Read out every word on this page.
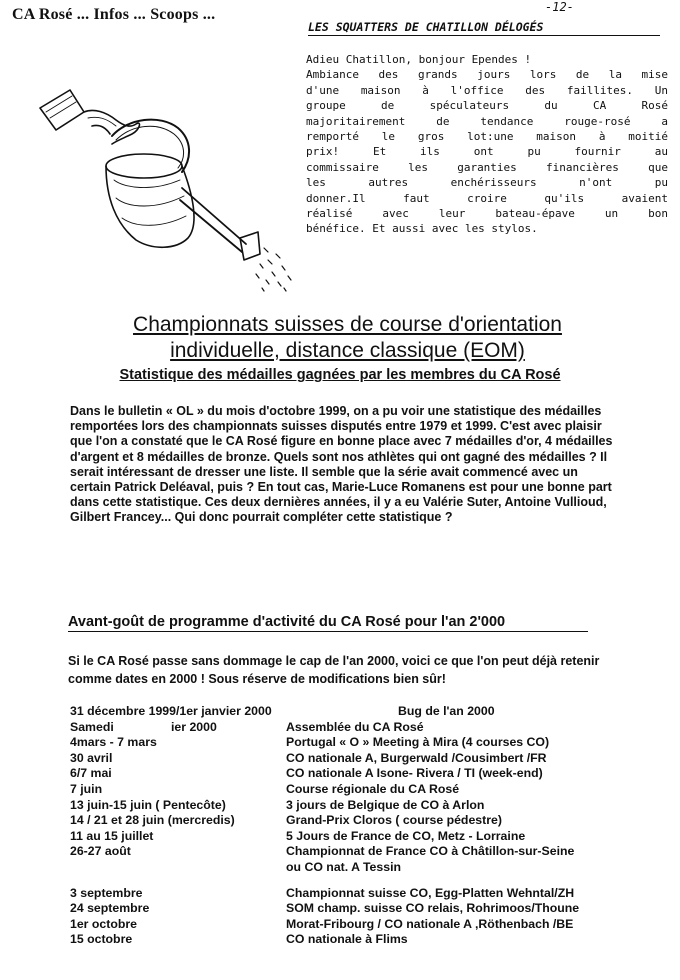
CA Rosé ... Infos ... Scoops ...	-12-
LES SQUATTERS DE CHATILLON DÉLOGÉS
Adieu Chatillon, bonjour Ependes !
Ambiance des grands jours lors de la mise
d'une maison à l'office des faillites. Un
groupe de spéculateurs du CA Rosé
majoritairement de tendance rouge-rosé a
remporté le gros lot:une maison à moitié
prix! Et ils ont pu fournir au
commissaire les garanties financières que
les autres enchérisseurs n'ont pu
donner.Il faut croire qu'ils avaient
réalisé avec leur bateau-épave un bon
bénéfice. Et aussi avec les stylos.
Championnats suisses de course d'orientation
individuelle, distance classique (EOM)
Statistique des médailles gagnées par les membres du CA Rosé
Dans le bulletin « OL » du mois d'octobre 1999, on a pu voir une statistique des médailles remportées lors des championnats suisses disputés entre 1979 et 1999. C'est avec plaisir que l'on a constaté que le CA Rosé figure en bonne place avec 7 médailles d'or, 4 médailles d'argent et 8 médailles de bronze. Quels sont nos athlètes qui ont gagné des médailles ? Il serait intéressant de dresser une liste. Il semble que la série avait commencé avec un certain Patrick Deléaval, puis ? En tout cas, Marie-Luce Romanens est pour une bonne part dans cette statistique. Ces deux dernières années, il y a eu Valérie Suter, Antoine Vullioud, Gilbert Francey... Qui donc pourrait compléter cette statistique ?
Avant-goût de programme d'activité du CA Rosé pour l'an 2'000
Si le CA Rosé passe sans dommage le cap de l'an 2000, voici ce que l'on peut déjà retenir comme dates en 2000 ! Sous réserve de modifications bien sûr!
31 décembre 1999/1er janvier 2000	Bug de l'an 2000
Samedi	ier 2000	Assemblée du CA Rosé
4mars - 7 mars	Portugal « O » Meeting à Mira (4 courses CO)
30 avril	CO nationale A, Burgerwald /Cousimbert /FR
6/7 mai	CO nationale A Isone- Rivera / TI (week-end)
7 juin	Course régionale du CA Rosé
13 juin-15 juin ( Pentecôte)	3 jours de Belgique de CO à Arlon
14 / 21 et 28 juin (mercredis)	Grand-Prix Cloros ( course pédestre)
11 au 15 juillet	5 Jours de France de CO, Metz - Lorraine
26-27 août	Championnat de France CO à Châtillon-sur-Seine
ou CO nat. A Tessin
3 septembre	Championnat suisse CO, Egg-Platten Wehntal/ZH
24 septembre	SOM champ. suisse CO relais, Rohrimoos/Thoune
1er octobre	Morat-Fribourg / CO nationale A ,Röthenbach /BE
15 octobre	CO nationale à Flims
